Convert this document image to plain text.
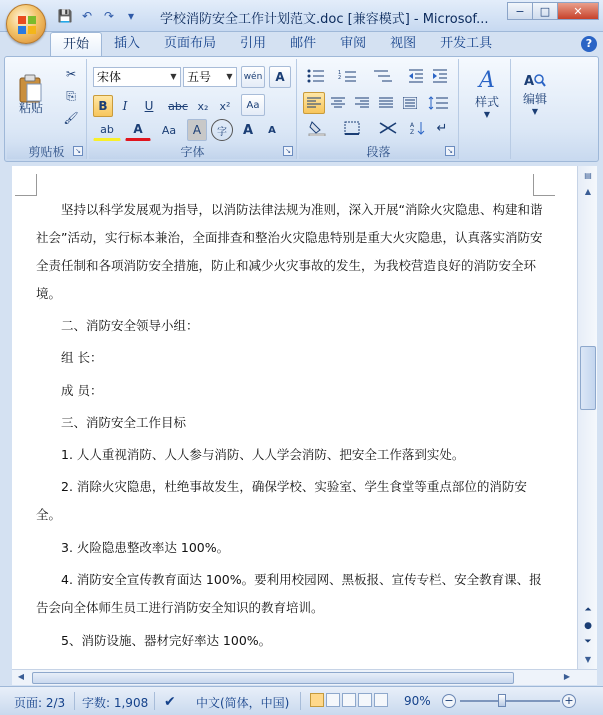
💾 ↶ ↷	▾	学校消防安全工作计划范文.doc [兼容模式] - Microsof...
−	□	✕
开始	插入	页面布局	引用	邮件	审阅	视图	开发工具	?
粘贴
✂
⎘
🖌
剪贴板	↘
宋体	▼ 五号	▼	wén	A
B	I	U	abc x₂	x²	Aa
ab	A	Aa	A	字	A	A
字体	↘
1
2
A
Z	↵
段落	↘
A
样式
▼
A
编辑
▼
　　坚持以科学发展观为指导，以消防法律法规为准则，深入开展“消除火灾隐患、构建和谐社会”活动，实行标本兼治，全面排查和整治火灾隐患特别是重大火灾隐患，认真落实消防安全责任制和各项消防安全措施，防止和减少火灾事故的发生，为我校营造良好的消防安全环境。
　　二、消防安全领导小组：
　　组 长：
　　成 员：
　　三、消防安全工作目标
　　1. 人人重视消防、人人参与消防、人人学会消防、把安全工作落到实处。
　　2. 消除火灾隐患，杜绝事故发生，确保学校、实验室、学生食堂等重点部位的消防安全。
　　3. 火险隐患整改率达 100%。
　　4. 消防安全宣传教育面达 100%。要利用校园网、黑板报、宣传专栏、安全教育课、报告会向全体师生员工进行消防安全知识的教育培训。
　　5、消防设施、器材完好率达 100%。
▤
▲
⏶
●
⏷
▼
◀	▶
页面: 2/3 字数: 1,908 ✔ 中文(简体，中国)	90% −	+
